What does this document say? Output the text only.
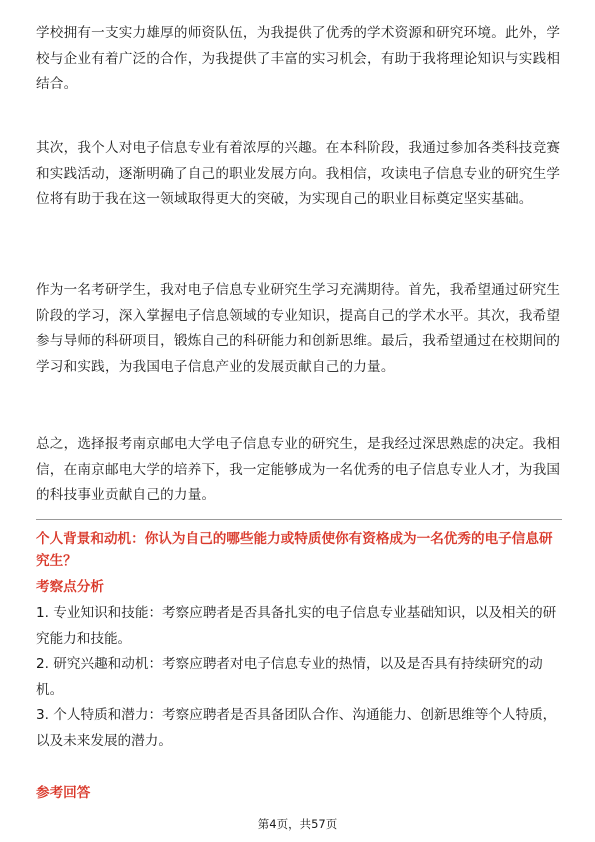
学校拥有一支实力雄厚的师资队伍，为我提供了优秀的学术资源和研究环境。此外，学校与企业有着广泛的合作，为我提供了丰富的实习机会，有助于我将理论知识与实践相结合。

其次，我个人对电子信息专业有着浓厚的兴趣。在本科阶段，我通过参加各类科技竞赛和实践活动，逐渐明确了自己的职业发展方向。我相信，攻读电子信息专业的研究生学位将有助于我在这一领域取得更大的突破，为实现自己的职业目标奠定坚实基础。

作为一名考研学生，我对电子信息专业研究生学习充满期待。首先，我希望通过研究生阶段的学习，深入掌握电子信息领域的专业知识，提高自己的学术水平。其次，我希望参与导师的科研项目，锻炼自己的科研能力和创新思维。最后，我希望通过在校期间的学习和实践，为我国电子信息产业的发展贡献自己的力量。

总之，选择报考南京邮电大学电子信息专业的研究生，是我经过深思熟虑的决定。我相信，在南京邮电大学的培养下，我一定能够成为一名优秀的电子信息专业人才，为我国的科技事业贡献自己的力量。

个人背景和动机：你认为自己的哪些能力或特质使你有资格成为一名优秀的电子信息研究生？

考察点分析

1. 专业知识和技能：考察应聘者是否具备扎实的电子信息专业基础知识，以及相关的研究能力和技能。
2. 研究兴趣和动机：考察应聘者对电子信息专业的热情，以及是否具有持续研究的动机。
3. 个人特质和潜力：考察应聘者是否具备团队合作、沟通能力、创新思维等个人特质，以及未来发展的潜力。

参考回答

第4页，共57页
